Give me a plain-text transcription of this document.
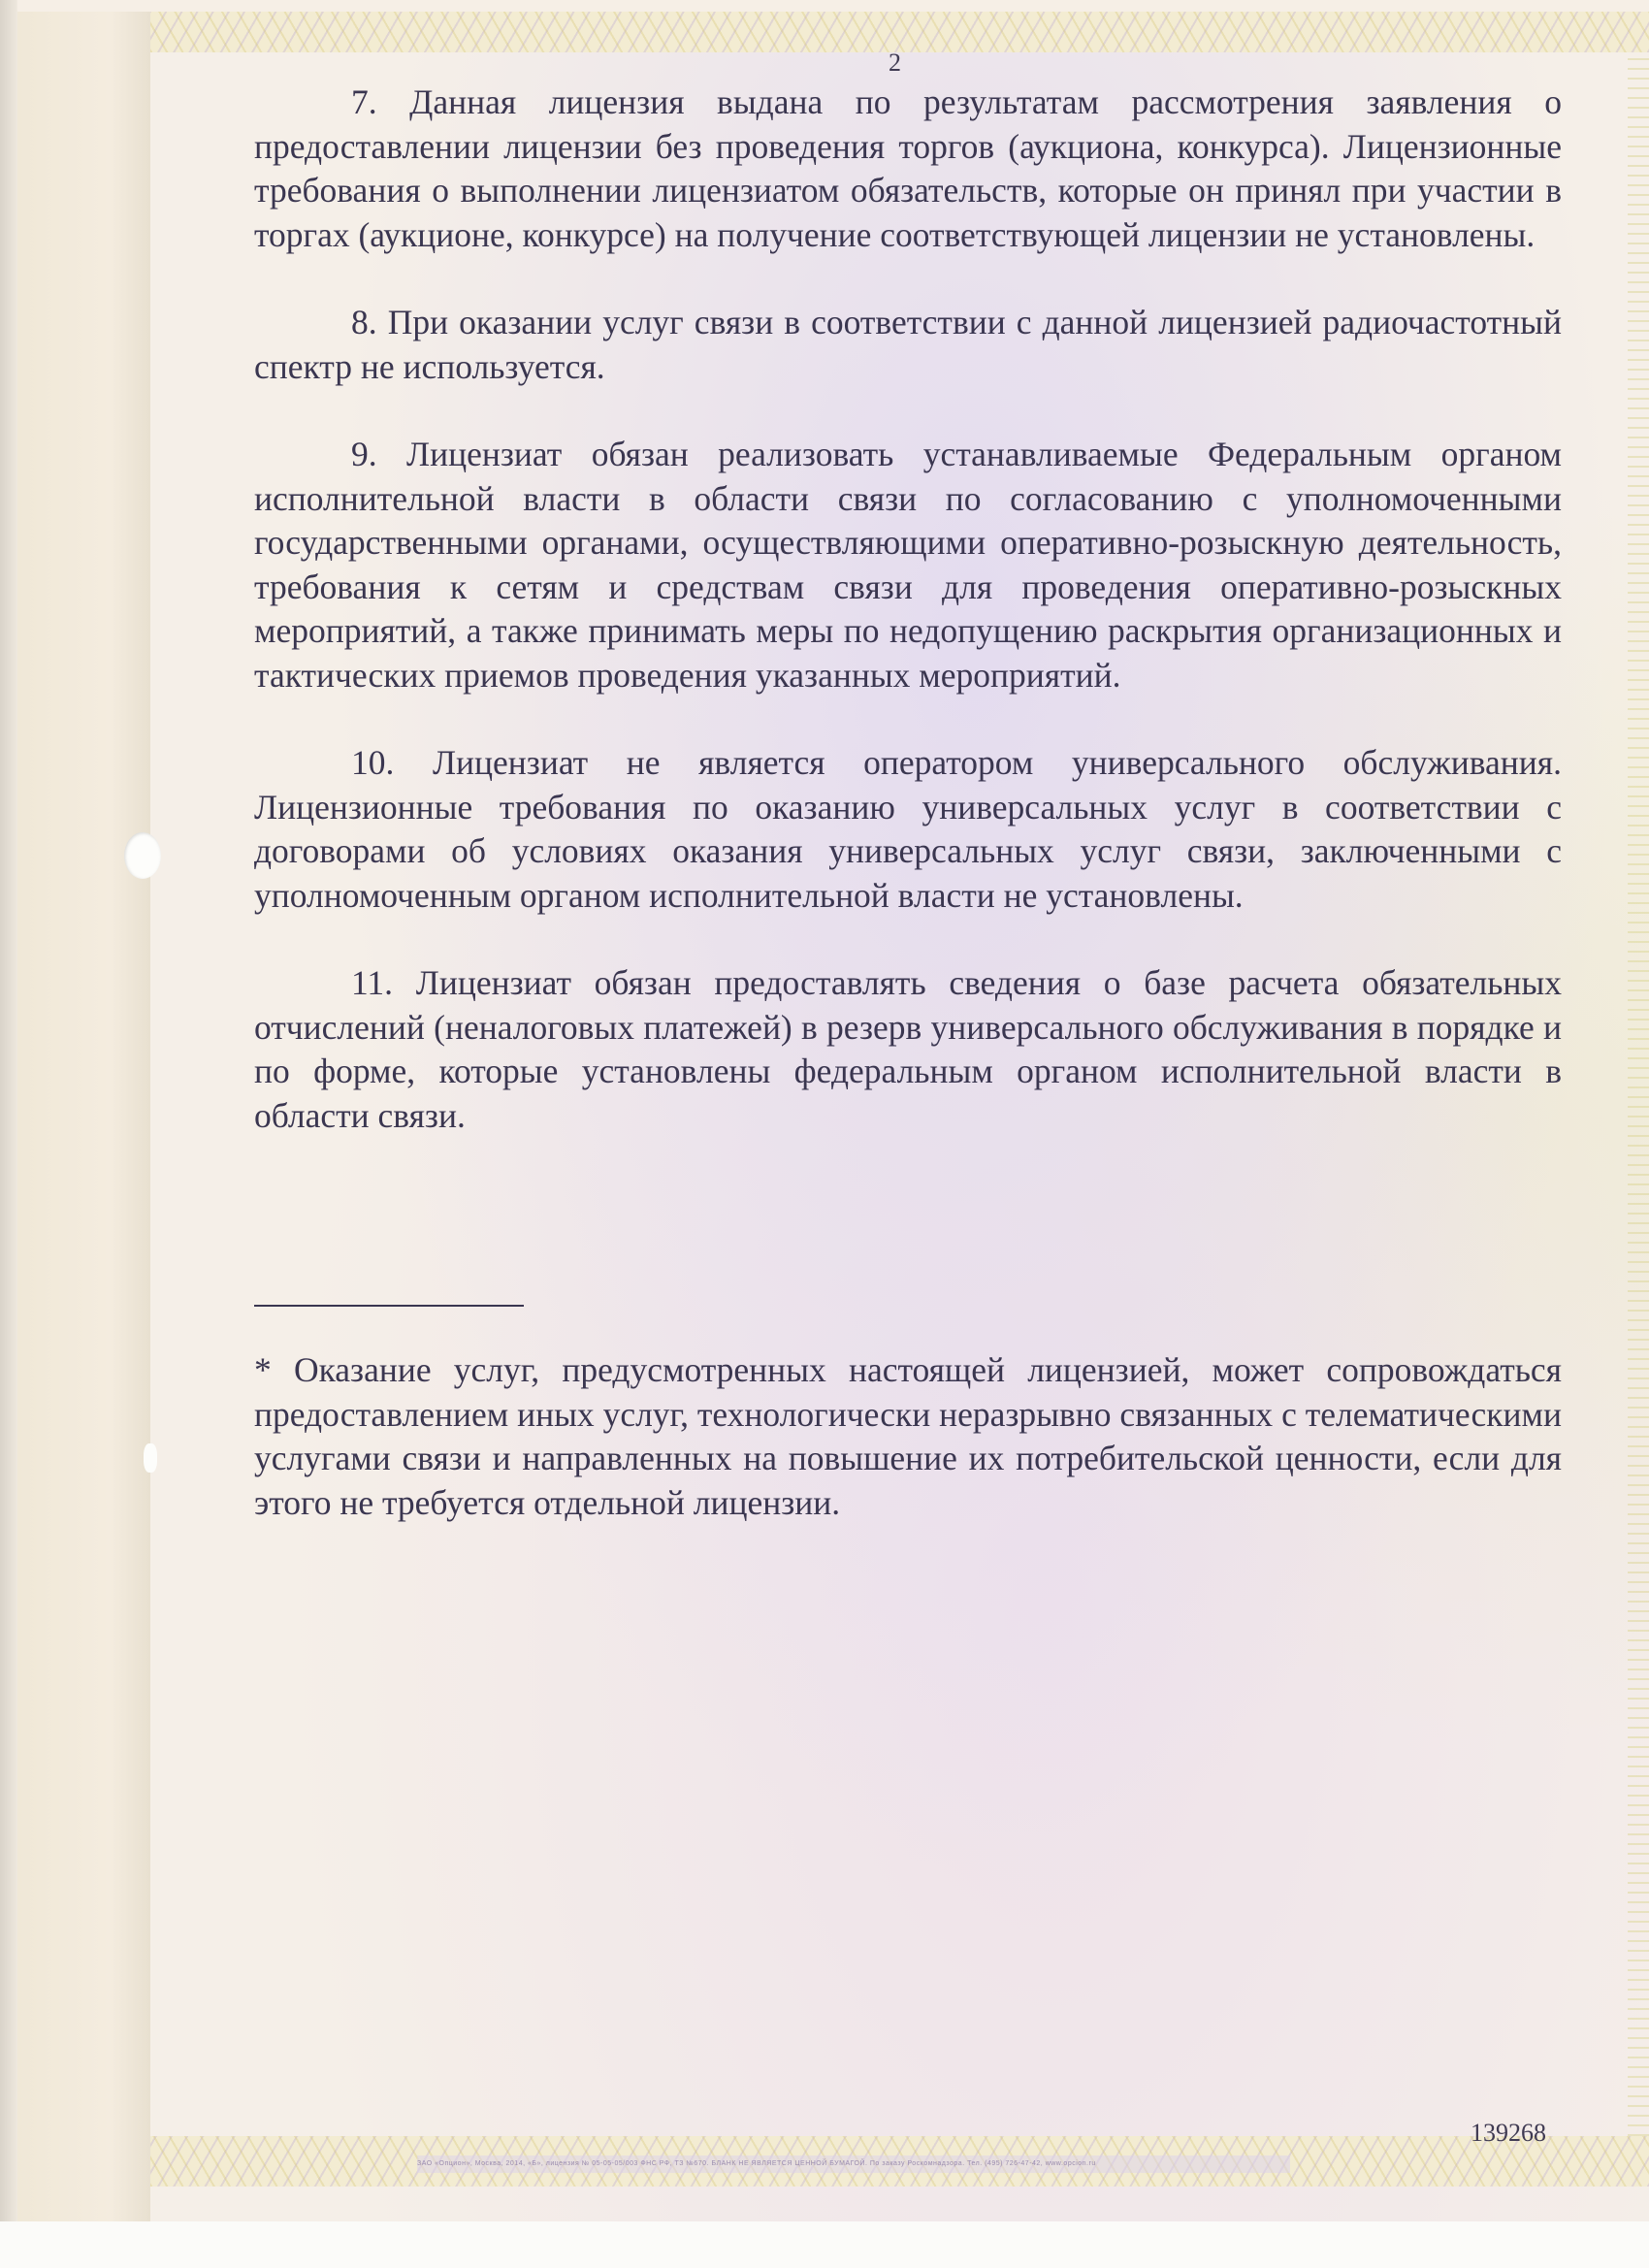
2

7. Данная лицензия выдана по результатам рассмотрения заявления о предоставлении лицензии без проведения торгов (аукциона, конкурса). Лицензионные требования о выполнении лицензиатом обязательств, которые он принял при участии в торгах (аукционе, конкурсе) на получение соответствующей лицензии не установлены.

8. При оказании услуг связи в соответствии с данной лицензией радиочастотный спектр не используется.

9. Лицензиат обязан реализовать устанавливаемые Федеральным органом исполнительной власти в области связи по согласованию с уполномоченными государственными органами, осуществляющими оперативно-розыскную деятельность, требования к сетям и средствам связи для проведения оперативно-розыскных мероприятий, а также принимать меры по недопущению раскрытия организационных и тактических приемов проведения указанных мероприятий.

10. Лицензиат не является оператором универсального обслуживания. Лицензионные требования по оказанию универсальных услуг в соответствии с договорами об условиях оказания универсальных услуг связи, заключенными с уполномоченным органом исполнительной власти не установлены.

11. Лицензиат обязан предоставлять сведения о базе расчета обязательных отчислений (неналоговых платежей) в резерв универсального обслуживания в порядке и по форме, которые установлены федеральным органом исполнительной власти в области связи.

* Оказание услуг, предусмотренных настоящей лицензией, может сопровождаться предоставлением иных услуг, технологически неразрывно связанных с телематическими услугами связи и направленных на повышение их потребительской ценности, если для этого не требуется отдельной лицензии.
139268
ЗАО «Опцион», Москва, 2014, «Б», лицензия № 05-05-05/003 ФНС РФ, ТЗ №670. БЛАНК НЕ ЯВЛЯЕТСЯ ЦЕННОЙ БУМАГОЙ. По заказу Роскомнадзора. Тел. (495) 726-47-42, www.opcion.ru
